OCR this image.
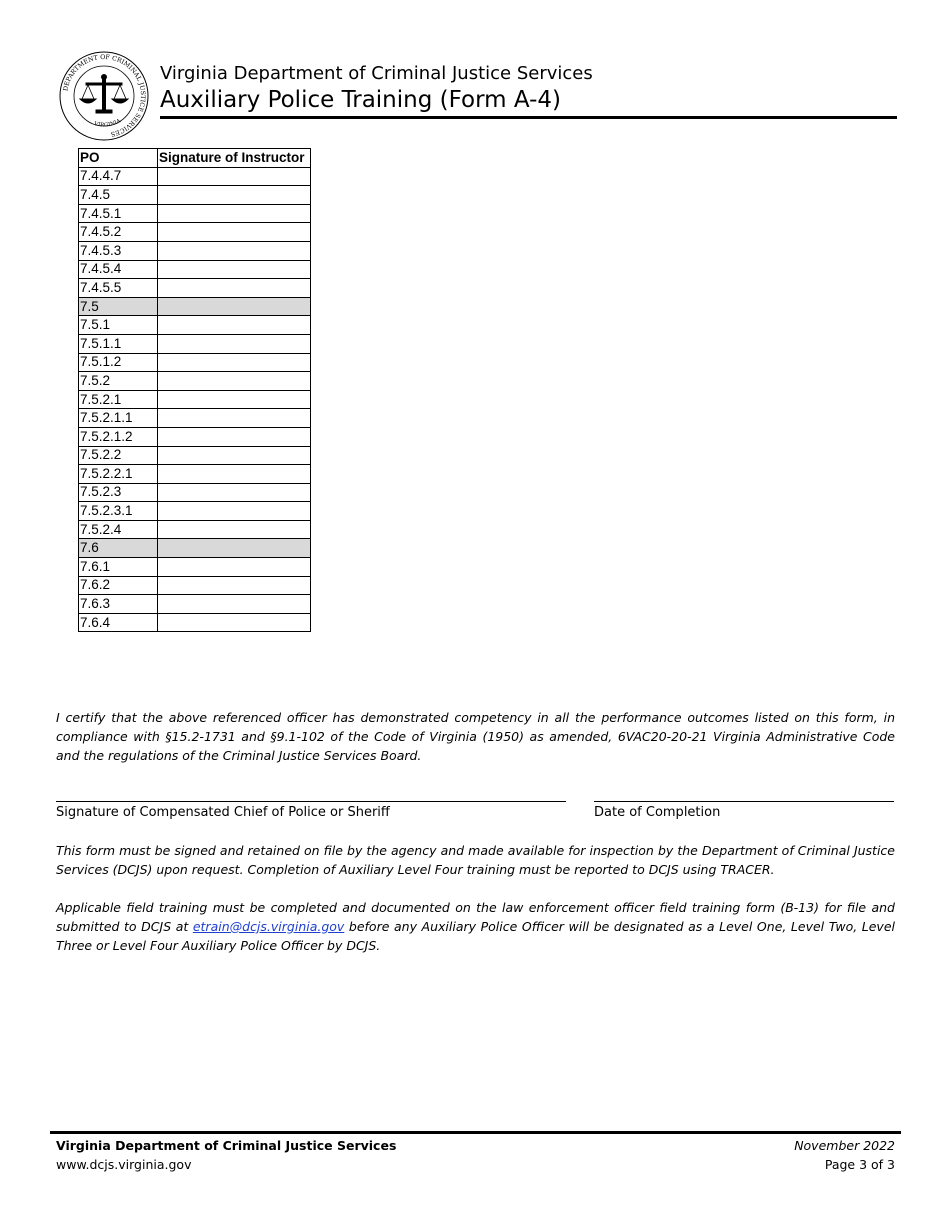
DEPARTMENT OF CRIMINAL JUSTICE SERVICES
VIRGINIA
Virginia Department of Criminal Justice Services
Auxiliary Police Training (Form A-4)
PO	Signature of Instructor
7.4.4.7	
7.4.5	
7.4.5.1	
7.4.5.2	
7.4.5.3	
7.4.5.4	
7.4.5.5	
7.5	
7.5.1	
7.5.1.1	
7.5.1.2	
7.5.2	
7.5.2.1	
7.5.2.1.1	
7.5.2.1.2	
7.5.2.2	
7.5.2.2.1	
7.5.2.3	
7.5.2.3.1	
7.5.2.4	
7.6	
7.6.1	
7.6.2	
7.6.3	
7.6.4	
I certify that the above referenced officer has demonstrated competency in all the performance outcomes listed on this form, in compliance with §15.2-1731 and §9.1-102 of the Code of Virginia (1950) as amended, 6VAC20-20-21 Virginia Administrative Code and the regulations of the Criminal Justice Services Board.
Signature of Compensated Chief of Police or Sheriff	Date of Completion
This form must be signed and retained on file by the agency and made available for inspection by the Department of Criminal Justice Services (DCJS) upon request. Completion of Auxiliary Level Four training must be reported to DCJS using TRACER.
Applicable field training must be completed and documented on the law enforcement officer field training form (B-13) for file and submitted to DCJS at etrain@dcjs.virginia.gov before any Auxiliary Police Officer will be designated as a Level One, Level Two, Level Three or Level Four Auxiliary Police Officer by DCJS.
Virginia Department of Criminal Justice Services
www.dcjs.virginia.gov
November 2022
Page 3 of 3
